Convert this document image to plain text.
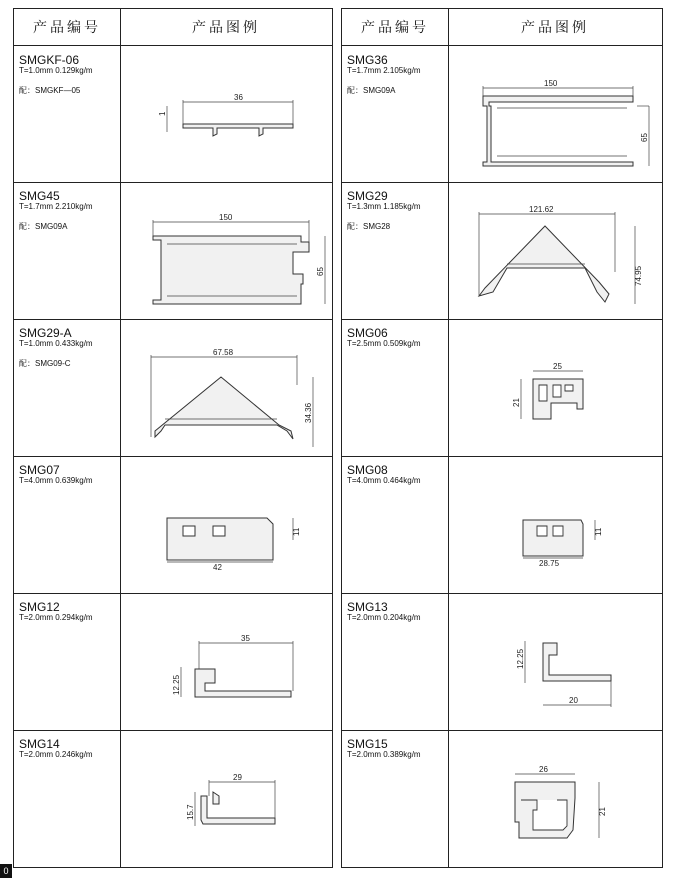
产品编号	产品图例
SMGKF-06
T=1.0mm 0.129kg/m
配：SMGKF—05
36
1
SMG45
T=1.7mm 2.210kg/m
配：SMG09A
150
65
SMG29-A
T=1.0mm 0.433kg/m
配：SMG09-C
67.58
34.36
SMG07
T=4.0mm 0.639kg/m
42
11
SMG12
T=2.0mm 0.294kg/m
35
12.25
SMG14
T=2.0mm 0.246kg/m
29
15.7
产品编号	产品图例
SMG36
T=1.7mm 2.105kg/m
配：SMG09A
150
65
SMG29
T=1.3mm 1.185kg/m
配：SMG28
121.62
74.95
SMG06
T=2.5mm 0.509kg/m
25
21
SMG08
T=4.0mm 0.464kg/m
28.75
11
SMG13
T=2.0mm 0.204kg/m
12.25
20
SMG15
T=2.0mm 0.389kg/m
26
21
0
